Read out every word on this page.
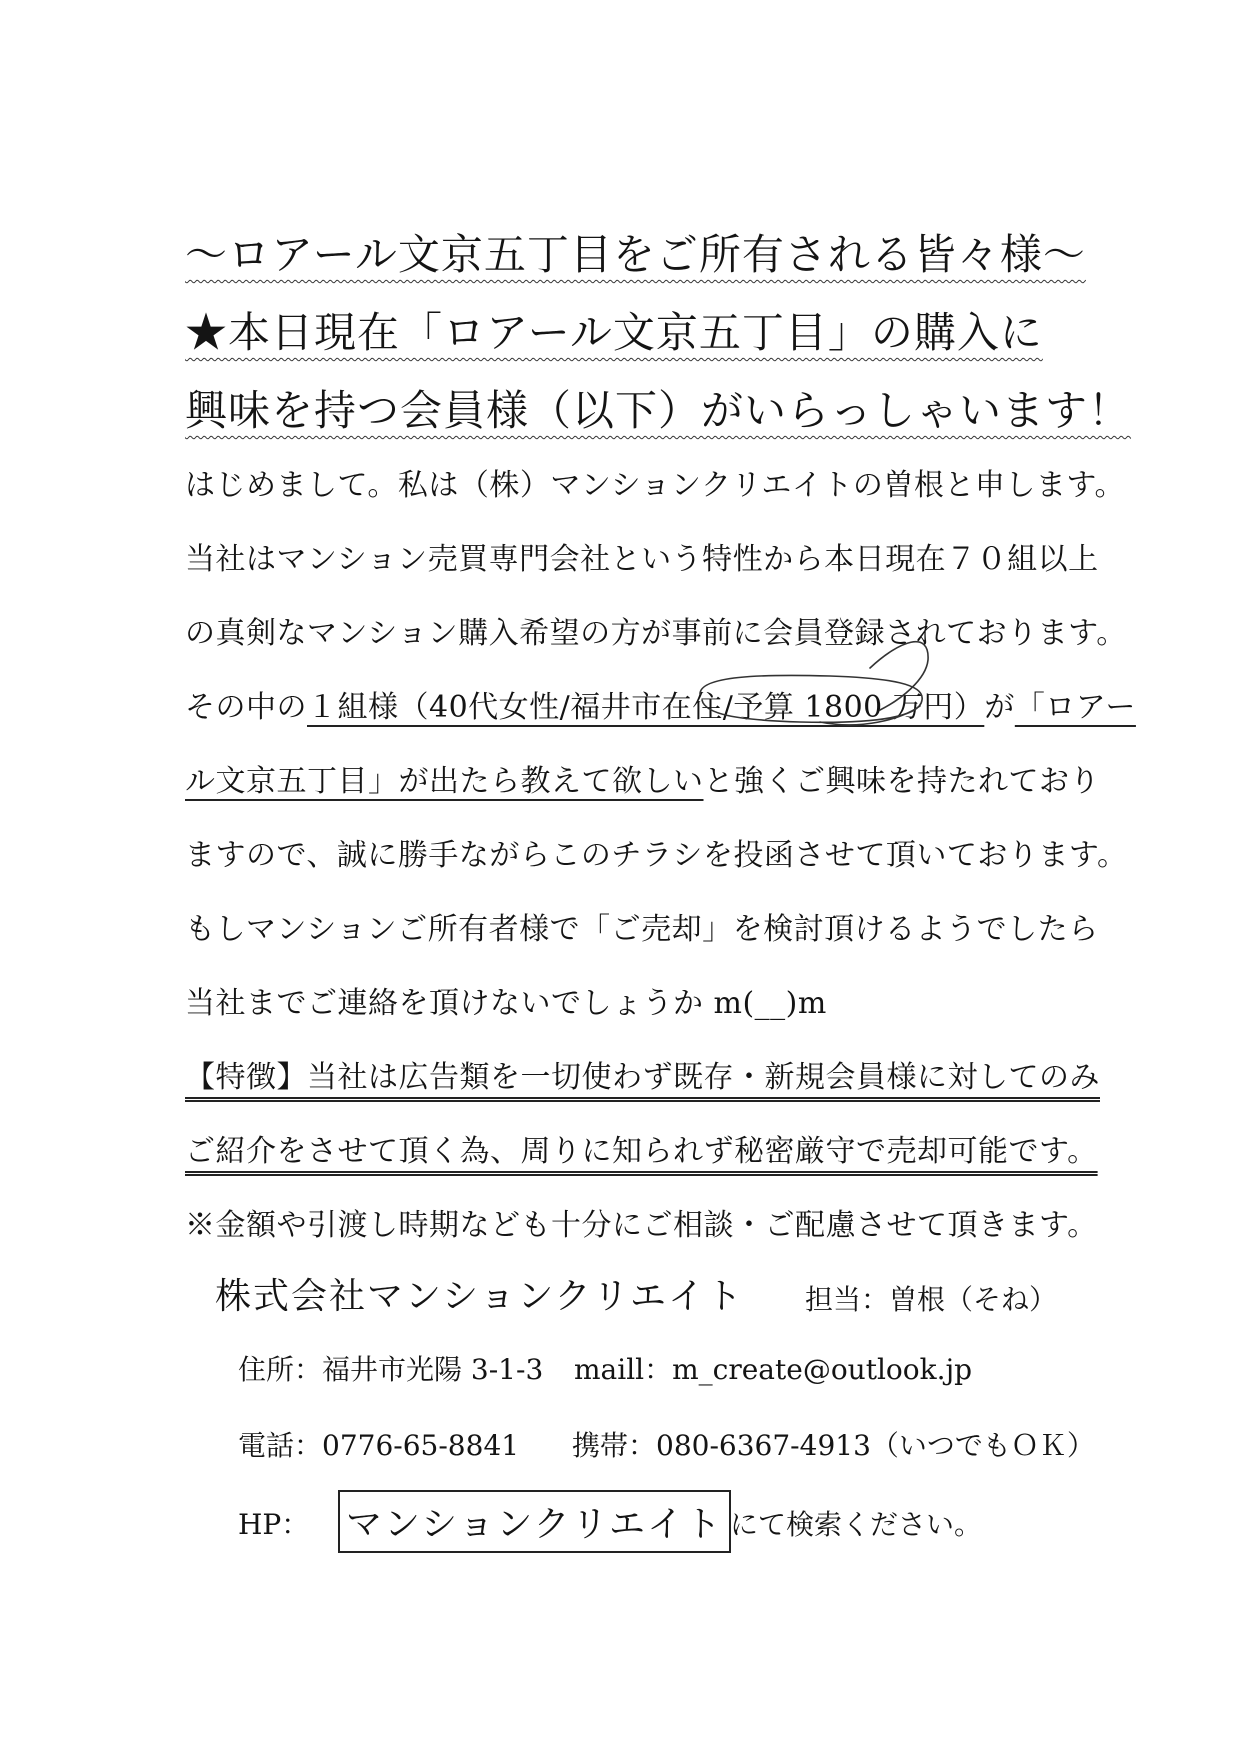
～ロアール文京五丁目をご所有される皆々様～
★本日現在「ロアール文京五丁目」の購入に
興味を持つ会員様（以下）がいらっしゃいます！
はじめまして。私は（株）マンションクリエイトの曽根と申します。
当社はマンション売買専門会社という特性から本日現在７０組以上
の真剣なマンション購入希望の方が事前に会員登録されております。
その中の１組様（40代女性/福井市在住/予算 1800 万円）が「ロアー
ル文京五丁目」が出たら教えて欲しいと強くご興味を持たれており
ますので、誠に勝手ながらこのチラシを投函させて頂いております。
もしマンションご所有者様で「ご売却」を検討頂けるようでしたら
当社までご連絡を頂けないでしょうか m(__)m
【特徴】当社は広告類を一切使わず既存・新規会員様に対してのみ
ご紹介をさせて頂く為、周りに知られず秘密厳守で売却可能です。
※金額や引渡し時期なども十分にご相談・ご配慮させて頂きます。
株式会社マンションクリエイト 担当：曽根（そね）
住所：福井市光陽 3-1-3 maill：m_create@outlook.jp
電話：0776-65-8841 携帯：080-6367-4913（いつでもＯＫ）
HP： マンションクリエイト にて検索ください。
